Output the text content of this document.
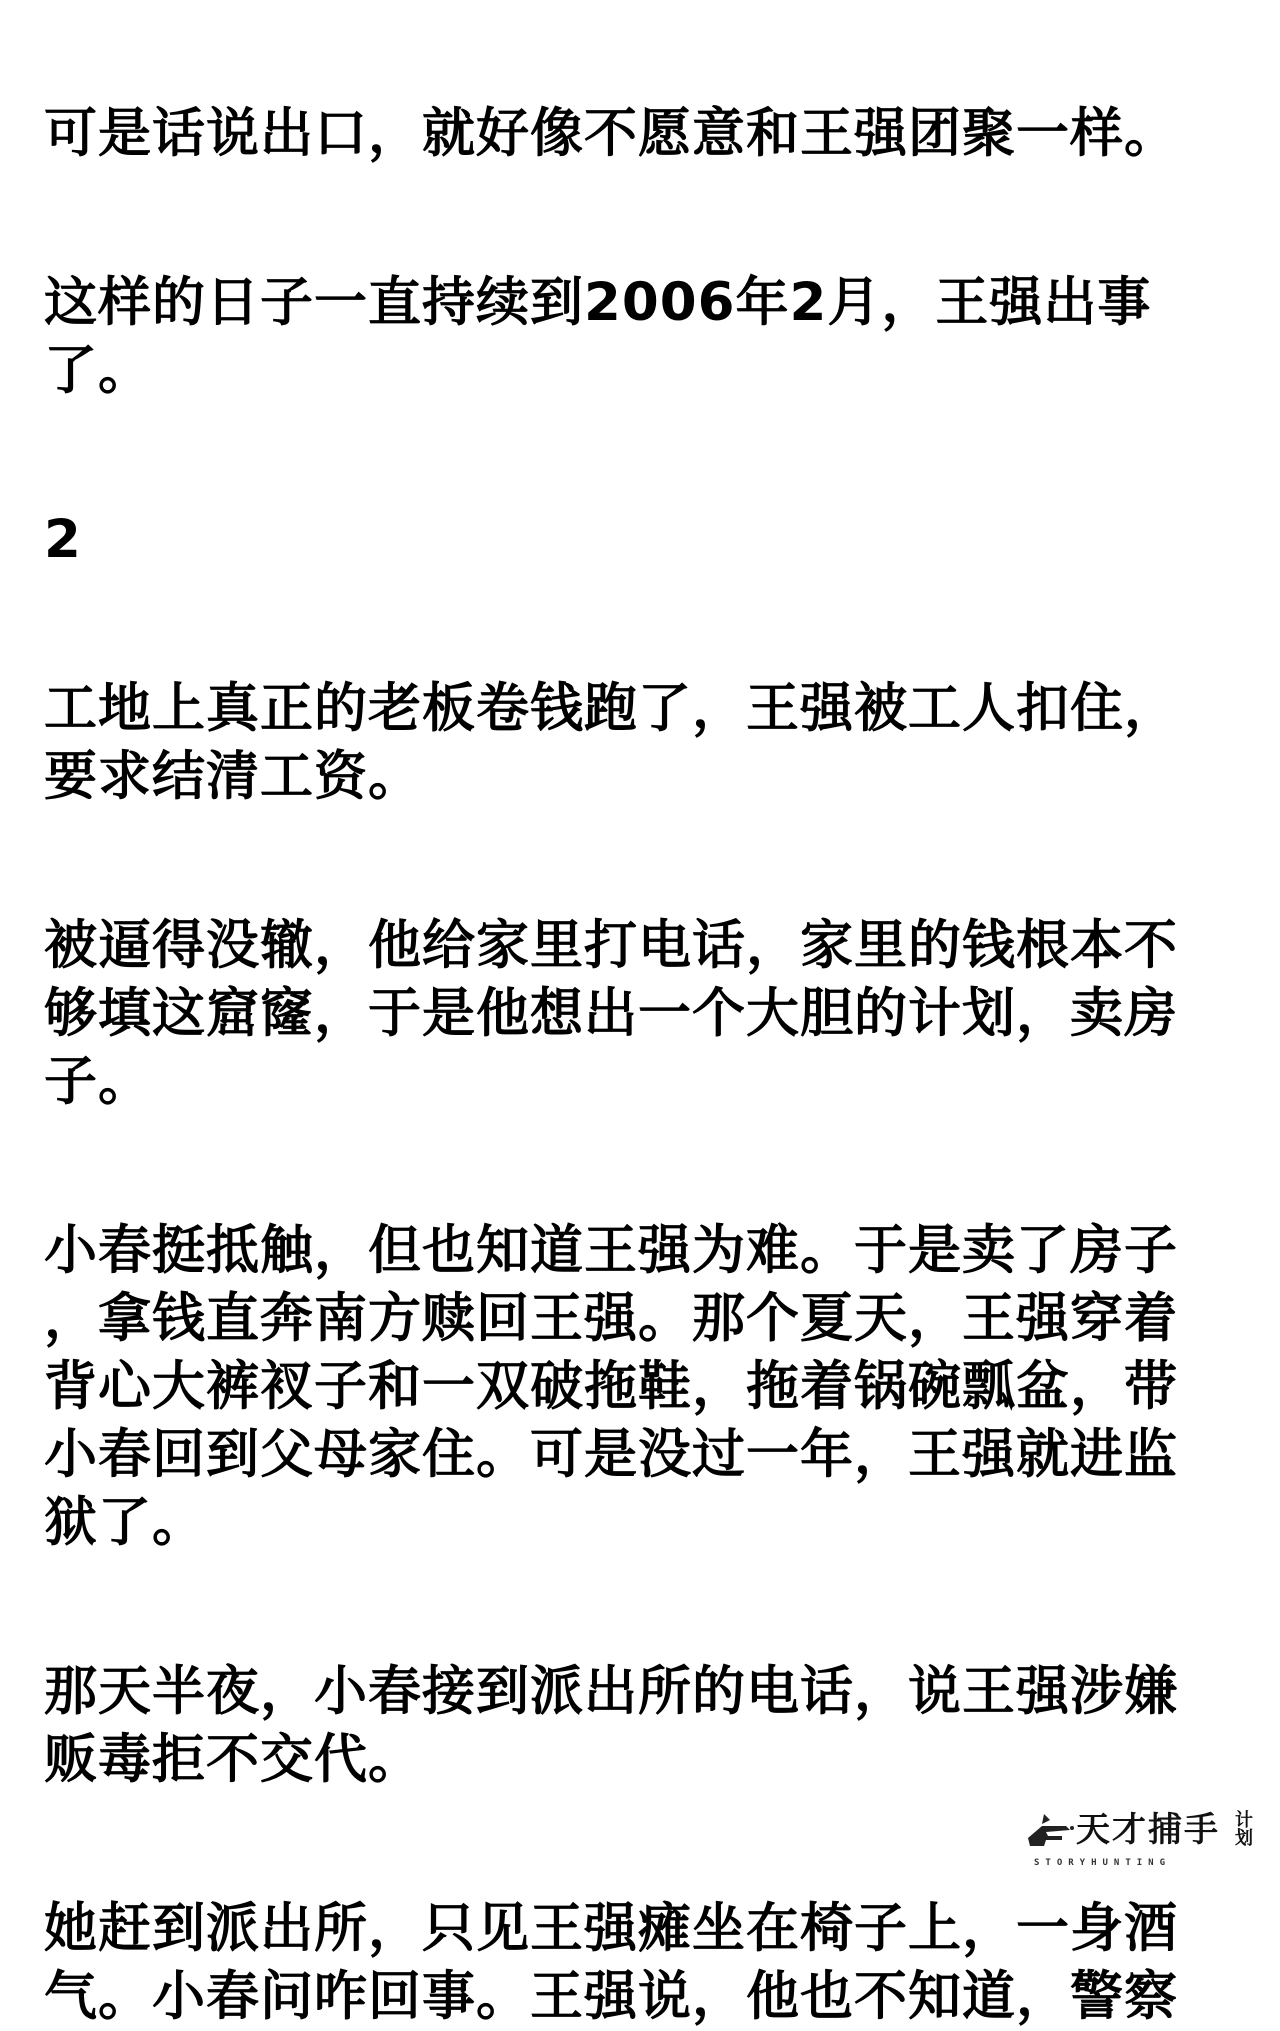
可是话说出口，就好像不愿意和王强团聚一样。

这样的日子一直持续到2006年2月，王强出事了。

2

工地上真正的老板卷钱跑了，王强被工人扣住，
要求结清工资。

被逼得没辙，他给家里打电话，家里的钱根本不
够填这窟窿，于是他想出一个大胆的计划，卖房
子。

小春挺抵触，但也知道王强为难。于是卖了房子
，拿钱直奔南方赎回王强。那个夏天，王强穿着
背心大裤衩子和一双破拖鞋，拖着锅碗瓢盆，带
小春回到父母家住。可是没过一年，王强就进监
狱了。

那天半夜，小春接到派出所的电话，说王强涉嫌
贩毒拒不交代。

她赶到派出所，只见王强瘫坐在椅子上，一身酒
气。小春问咋回事。王强说，他也不知道，警察

天才捕手 计划
STORYHUNTING
